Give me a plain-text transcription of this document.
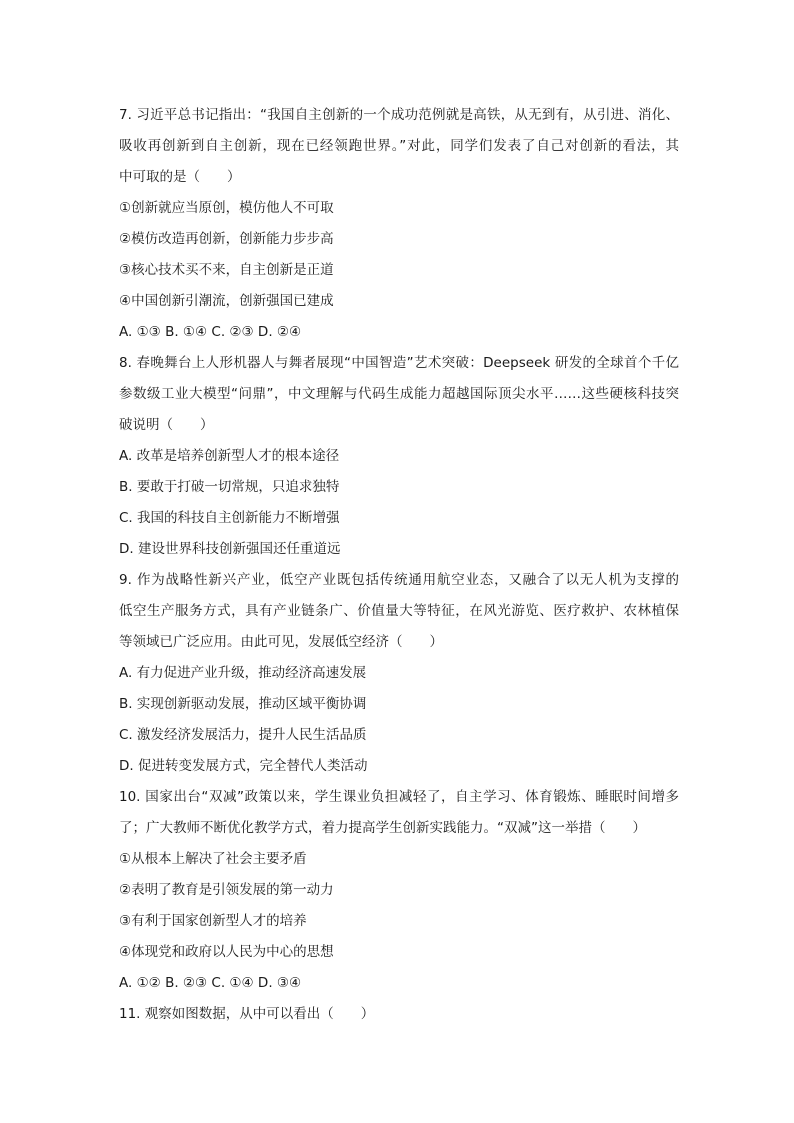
7. 习近平总书记指出：“我国自主创新的一个成功范例就是高铁，从无到有，从引进、消化、
吸收再创新到自主创新，现在已经领跑世界。”对此，同学们发表了自己对创新的看法，其
中可取的是（　　）
①创新就应当原创，模仿他人不可取
②模仿改造再创新，创新能力步步高
③核心技术买不来，自主创新是正道
④中国创新引潮流，创新强国已建成
A. ①③ B. ①④ C. ②③ D. ②④
8. 春晚舞台上人形机器人与舞者展现“中国智造”艺术突破：Deepseek 研发的全球首个千亿
参数级工业大模型“问鼎”，中文理解与代码生成能力超越国际顶尖水平……这些硬核科技突
破说明（　　）
A. 改革是培养创新型人才的根本途径
B. 要敢于打破一切常规，只追求独特
C. 我国的科技自主创新能力不断增强
D. 建设世界科技创新强国还任重道远
9. 作为战略性新兴产业，低空产业既包括传统通用航空业态，又融合了以无人机为支撑的
低空生产服务方式，具有产业链条广、价值量大等特征，在风光游览、医疗救护、农林植保
等领域已广泛应用。由此可见，发展低空经济（　　）
A. 有力促进产业升级，推动经济高速发展
B. 实现创新驱动发展，推动区域平衡协调
C. 激发经济发展活力，提升人民生活品质
D. 促进转变发展方式，完全替代人类活动
10. 国家出台“双减”政策以来，学生课业负担减轻了，自主学习、体育锻炼、睡眠时间增多
了；广大教师不断优化教学方式，着力提高学生创新实践能力。“双减”这一举措（　　）
①从根本上解决了社会主要矛盾
②表明了教育是引领发展的第一动力
③有利于国家创新型人才的培养
④体现党和政府以人民为中心的思想
A. ①② B. ②③ C. ①④ D. ③④
11. 观察如图数据，从中可以看出（　　）
